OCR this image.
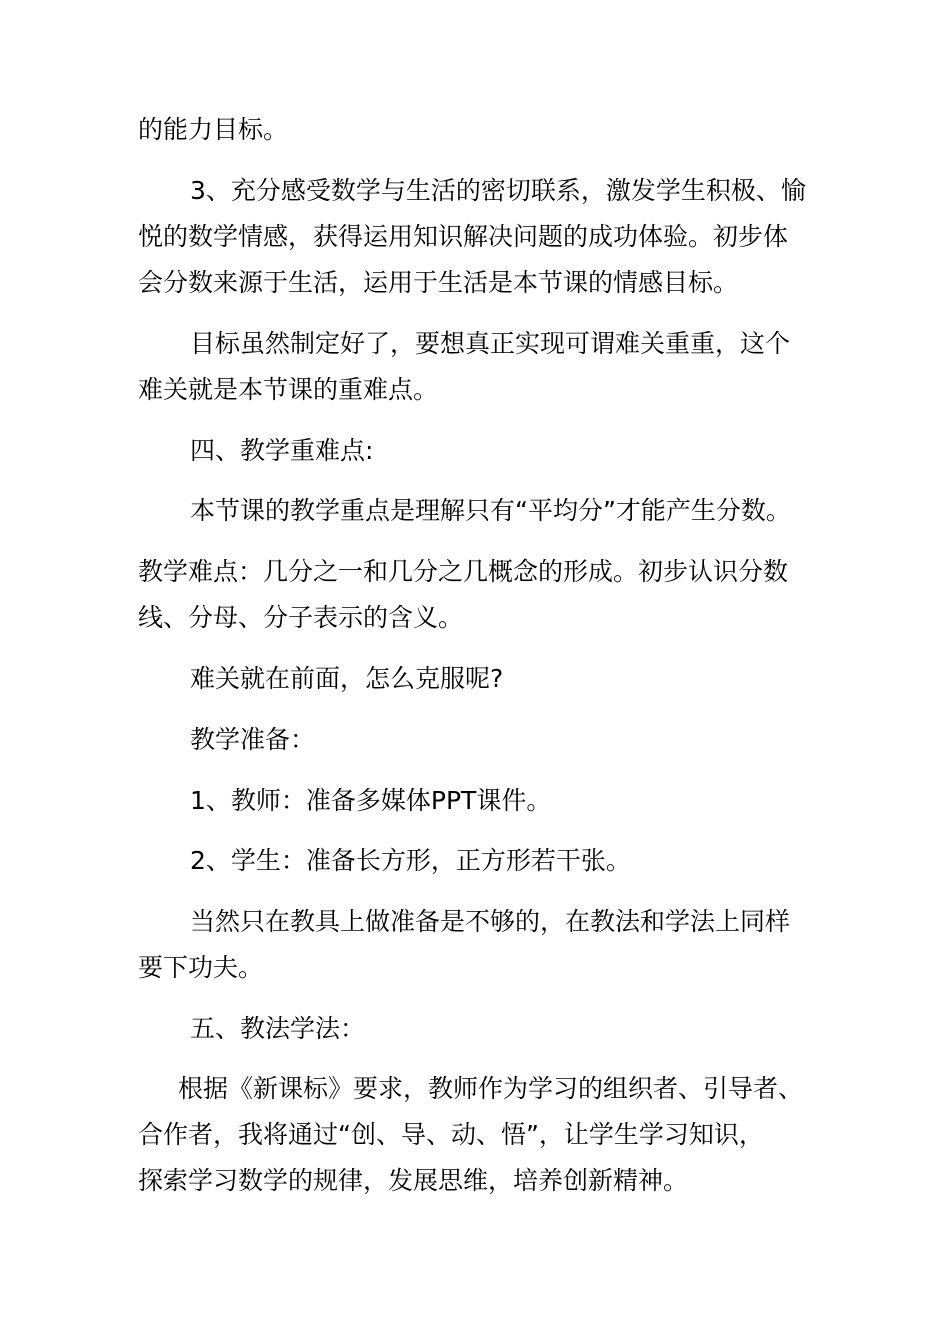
的能力目标。
3、充分感受数学与生活的密切联系，激发学生积极、愉
悦的数学情感，获得运用知识解决问题的成功体验。初步体
会分数来源于生活，运用于生活是本节课的情感目标。
目标虽然制定好了，要想真正实现可谓难关重重，这个
难关就是本节课的重难点。
四、教学重难点:
本节课的教学重点是理解只有“平均分”才能产生分数。
教学难点：几分之一和几分之几概念的形成。初步认识分数
线、分母、分子表示的含义。
难关就在前面，怎么克服呢?
教学准备：
1、教师：准备多媒体PPT课件。
2、学生：准备长方形，正方形若干张。
当然只在教具上做准备是不够的，在教法和学法上同样
要下功夫。
五、教法学法：
根据《新课标》要求，教师作为学习的组织者、引导者、
合作者，我将通过“创、导、动、悟”，让学生学习知识，
探索学习数学的规律，发展思维，培养创新精神。
